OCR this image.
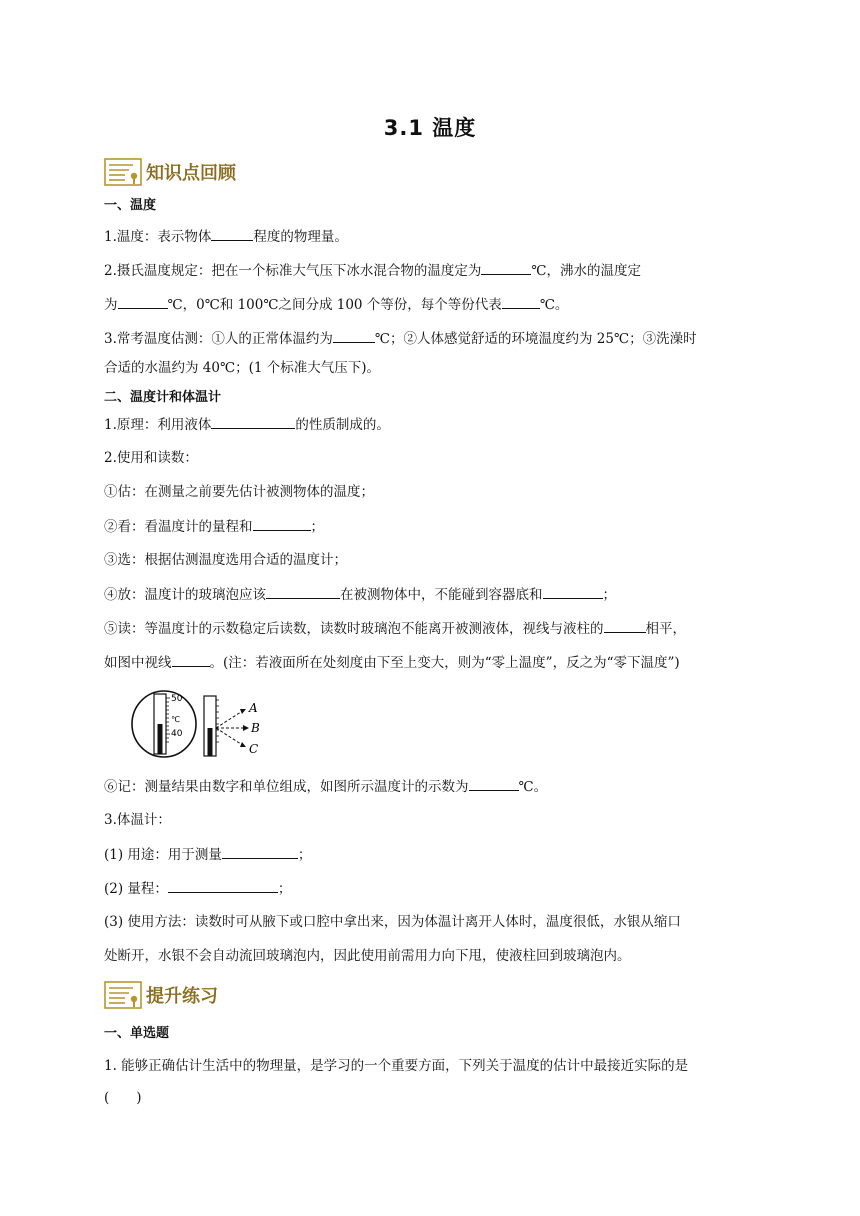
3.1 温度
知识点回顾
一、温度
1.温度：表示物体	程度的物理量。
2.摄氏温度规定：把在一个标准大气压下冰水混合物的温度定为	℃，沸水的温度定
为	℃，0℃和 100℃之间分成 100 个等份，每个等份代表	℃。
3.常考温度估测：①人的正常体温约为	℃；②人体感觉舒适的环境温度约为 25℃；③洗澡时
合适的水温约为 40℃；(1 个标准大气压下)。
二、温度计和体温计
1.原理：利用液体	的性质制成的。
2.使用和读数：
①估：在测量之前要先估计被测物体的温度；
②看：看温度计的量程和	；
③选：根据估测温度选用合适的温度计；
④放：温度计的玻璃泡应该	在被测物体中，不能碰到容器底和	；
⑤读：等温度计的示数稳定后读数，读数时玻璃泡不能离开被测液体，视线与液柱的	相平，
如图中视线	。(注：若液面所在处刻度由下至上变大，则为“零上温度”，反之为“零下温度”)
50
℃
40
A
B
C
⑥记：测量结果由数字和单位组成，如图所示温度计的示数为	℃。
3.体温计：
(1) 用途：用于测量	；
(2) 量程：	；
(3) 使用方法：读数时可从腋下或口腔中拿出来，因为体温计离开人体时，温度很低，水银从缩口
处断开，水银不会自动流回玻璃泡内，因此使用前需用力向下甩，使液柱回到玻璃泡内。
提升练习
一、单选题
1. 能够正确估计生活中的物理量，是学习的一个重要方面，下列关于温度的估计中最接近实际的是
(　　)
